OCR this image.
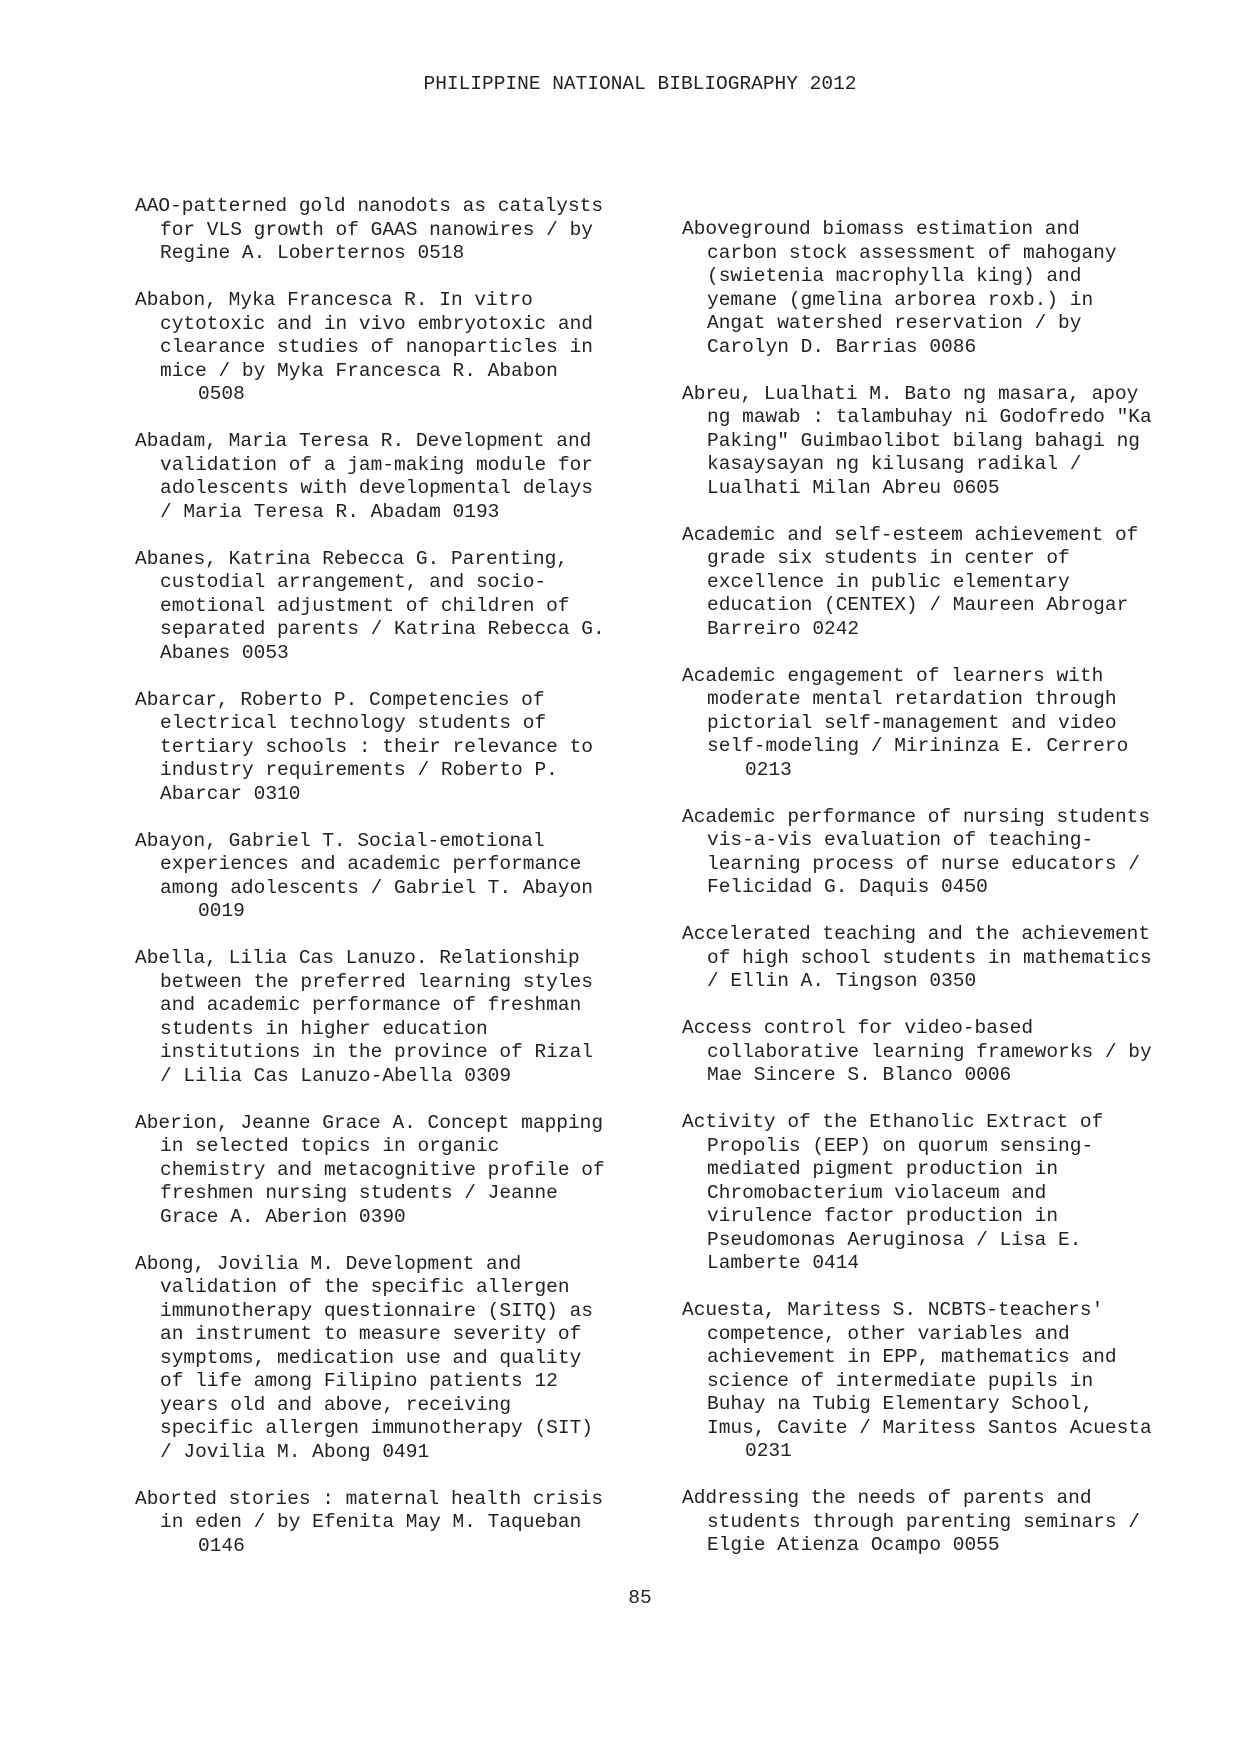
PHILIPPINE NATIONAL BIBLIOGRAPHY 2012
AAO-patterned gold nanodots as catalysts
for VLS growth of GAAS nanowires / by
Regine A. Loberternos 0518
Ababon, Myka Francesca R. In vitro
cytotoxic and in vivo embryotoxic and
clearance studies of nanoparticles in
mice / by Myka Francesca R. Ababon
0508
Abadam, Maria Teresa R. Development and
validation of a jam-making module for
adolescents with developmental delays
/ Maria Teresa R. Abadam 0193
Abanes, Katrina Rebecca G. Parenting,
custodial arrangement, and socio-
emotional adjustment of children of
separated parents / Katrina Rebecca G.
Abanes 0053
Abarcar, Roberto P. Competencies of
electrical technology students of
tertiary schools : their relevance to
industry requirements / Roberto P.
Abarcar 0310
Abayon, Gabriel T. Social-emotional
experiences and academic performance
among adolescents / Gabriel T. Abayon
0019
Abella, Lilia Cas Lanuzo. Relationship
between the preferred learning styles
and academic performance of freshman
students in higher education
institutions in the province of Rizal
/ Lilia Cas Lanuzo-Abella 0309
Aberion, Jeanne Grace A. Concept mapping
in selected topics in organic
chemistry and metacognitive profile of
freshmen nursing students / Jeanne
Grace A. Aberion 0390
Abong, Jovilia M. Development and
validation of the specific allergen
immunotherapy questionnaire (SITQ) as
an instrument to measure severity of
symptoms, medication use and quality
of life among Filipino patients 12
years old and above, receiving
specific allergen immunotherapy (SIT)
/ Jovilia M. Abong 0491
Aborted stories : maternal health crisis
in eden / by Efenita May M. Taqueban
0146
Aboveground biomass estimation and
carbon stock assessment of mahogany
(swietenia macrophylla king) and
yemane (gmelina arborea roxb.) in
Angat watershed reservation / by
Carolyn D. Barrias 0086
Abreu, Lualhati M. Bato ng masara, apoy
ng mawab : talambuhay ni Godofredo "Ka
Paking" Guimbaolibot bilang bahagi ng
kasaysayan ng kilusang radikal /
Lualhati Milan Abreu 0605
Academic and self-esteem achievement of
grade six students in center of
excellence in public elementary
education (CENTEX) / Maureen Abrogar
Barreiro 0242
Academic engagement of learners with
moderate mental retardation through
pictorial self-management and video
self-modeling / Mirininza E. Cerrero
0213
Academic performance of nursing students
vis-a-vis evaluation of teaching-
learning process of nurse educators /
Felicidad G. Daquis 0450
Accelerated teaching and the achievement
of high school students in mathematics
/ Ellin A. Tingson 0350
Access control for video-based
collaborative learning frameworks / by
Mae Sincere S. Blanco 0006
Activity of the Ethanolic Extract of
Propolis (EEP) on quorum sensing-
mediated pigment production in
Chromobacterium violaceum and
virulence factor production in
Pseudomonas Aeruginosa / Lisa E.
Lamberte 0414
Acuesta, Maritess S. NCBTS-teachers'
competence, other variables and
achievement in EPP, mathematics and
science of intermediate pupils in
Buhay na Tubig Elementary School,
Imus, Cavite / Maritess Santos Acuesta
0231
Addressing the needs of parents and
students through parenting seminars /
Elgie Atienza Ocampo 0055
85
